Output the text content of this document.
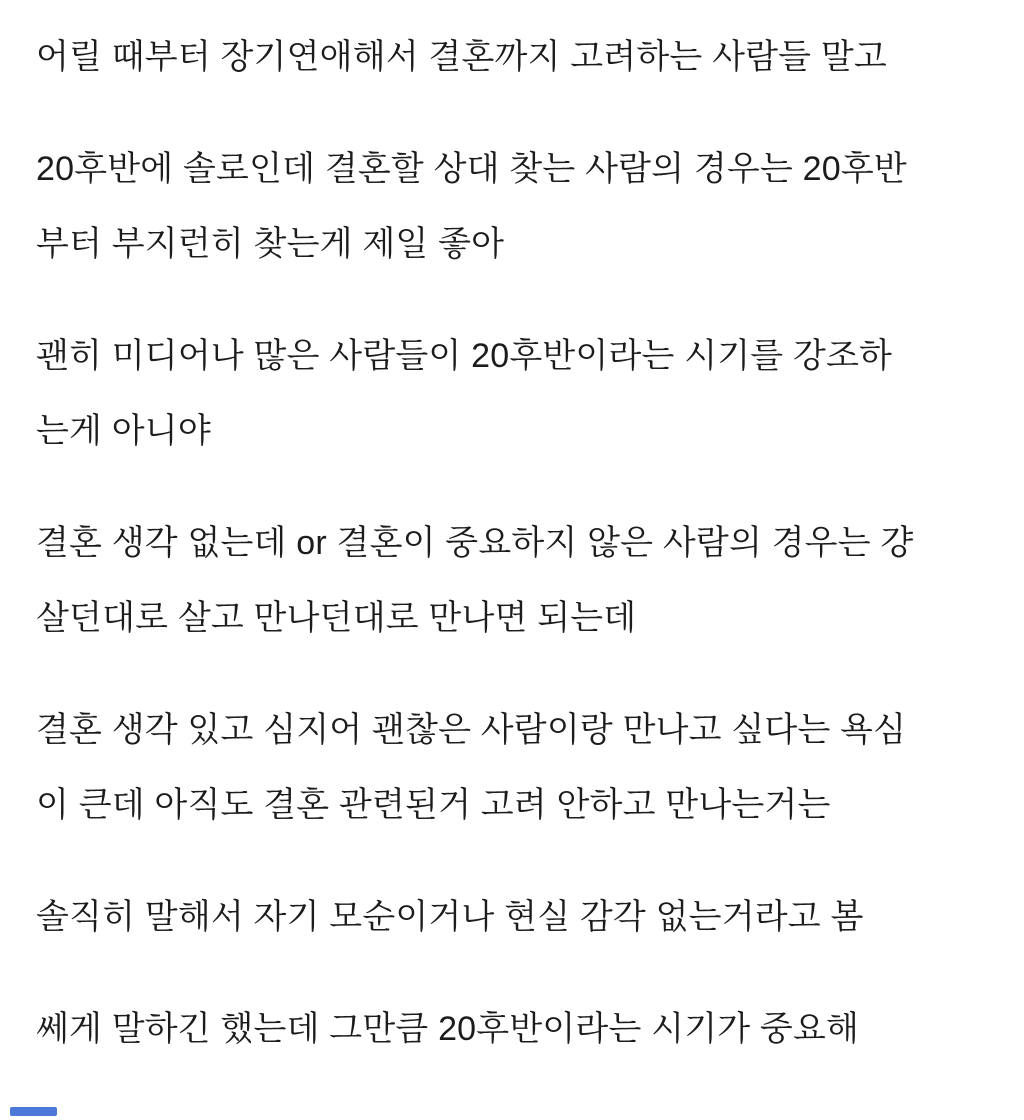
어릴 때부터 장기연애해서 결혼까지 고려하는 사람들 말고
20후반에 솔로인데 결혼할 상대 찾는 사람의 경우는 20후반
부터 부지런히 찾는게 제일 좋아
괜히 미디어나 많은 사람들이 20후반이라는 시기를 강조하
는게 아니야
결혼 생각 없는데 or 결혼이 중요하지 않은 사람의 경우는 걍
살던대로 살고 만나던대로 만나면 되는데
결혼 생각 있고 심지어 괜찮은 사람이랑 만나고 싶다는 욕심
이 큰데 아직도 결혼 관련된거 고려 안하고 만나는거는
솔직히 말해서 자기 모순이거나 현실 감각 없는거라고 봄
쎄게 말하긴 했는데 그만큼 20후반이라는 시기가 중요해
